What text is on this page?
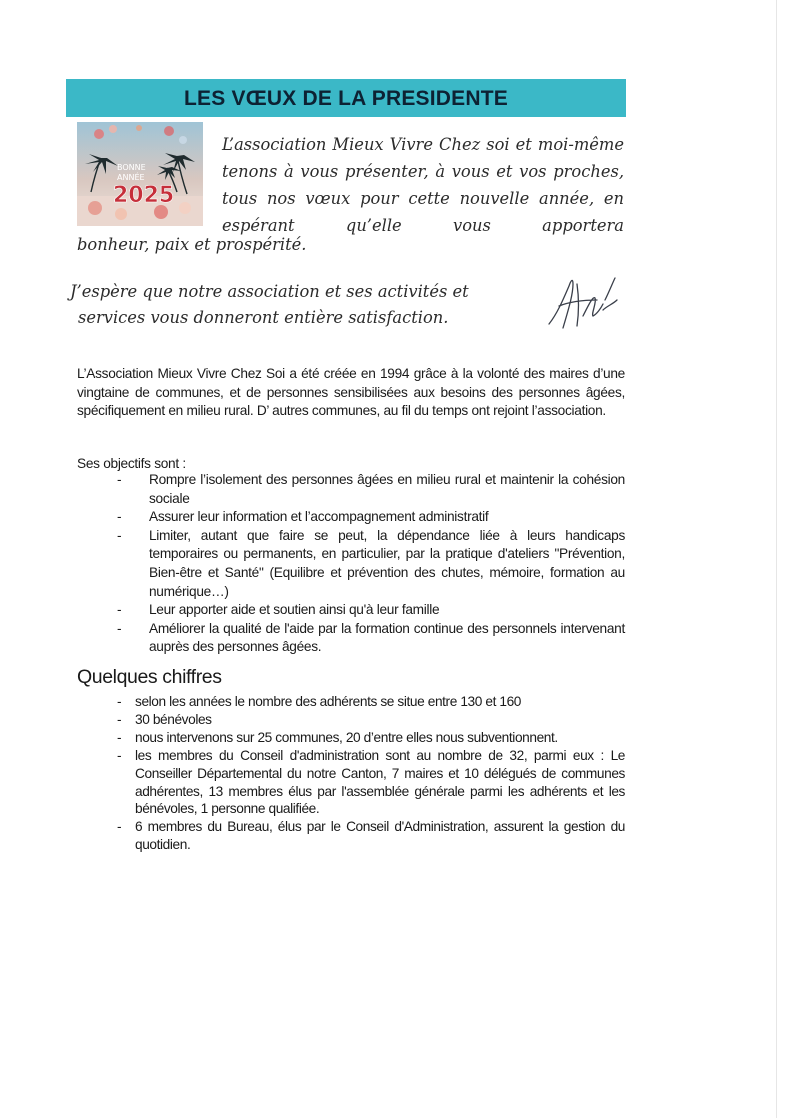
LES VŒUX DE LA PRESIDENTE
BONNE
ANNÉE
2025
L’association Mieux Vivre Chez soi et moi-même tenons à vous présenter, à vous et vos proches, tous nos vœux pour cette nouvelle année, en espérant qu’elle vous apportera
bonheur, paix et prospérité.

J’espère que notre association et ses activités et

services vous donneront entière satisfaction.

L’Association Mieux Vivre Chez Soi a été créée en 1994 grâce à la volonté des maires d’une vingtaine de communes, et de personnes sensibilisées aux besoins des personnes âgées, spécifiquement en milieu rural. D’ autres communes, au fil du temps ont rejoint l’association.
Ses objectifs sont :
- Rompre l’isolement des personnes âgées en milieu rural et maintenir la cohésion sociale
- Assurer leur information et l’accompagnement administratif
- Limiter, autant que faire se peut, la dépendance liée à leurs handicaps temporaires ou permanents, en particulier, par la pratique d'ateliers "Prévention, Bien-être et Santé" (Equilibre et prévention des chutes, mémoire, formation au numérique…)
- Leur apporter aide et soutien ainsi qu'à leur famille
- Améliorer la qualité de l'aide par la formation continue des personnels intervenant auprès des personnes âgées.
Quelques chiffres
- selon les années le nombre des adhérents se situe entre 130 et 160
- 30 bénévoles
- nous intervenons sur 25 communes, 20 d’entre elles nous subventionnent.
- les membres du Conseil d'administration sont au nombre de 32, parmi eux : Le Conseiller Départemental du notre Canton, 7 maires et 10 délégués de communes adhérentes, 13 membres élus par l'assemblée générale parmi les adhérents et les bénévoles, 1 personne qualifiée.
- 6 membres du Bureau, élus par le Conseil d'Administration, assurent la gestion du quotidien.
